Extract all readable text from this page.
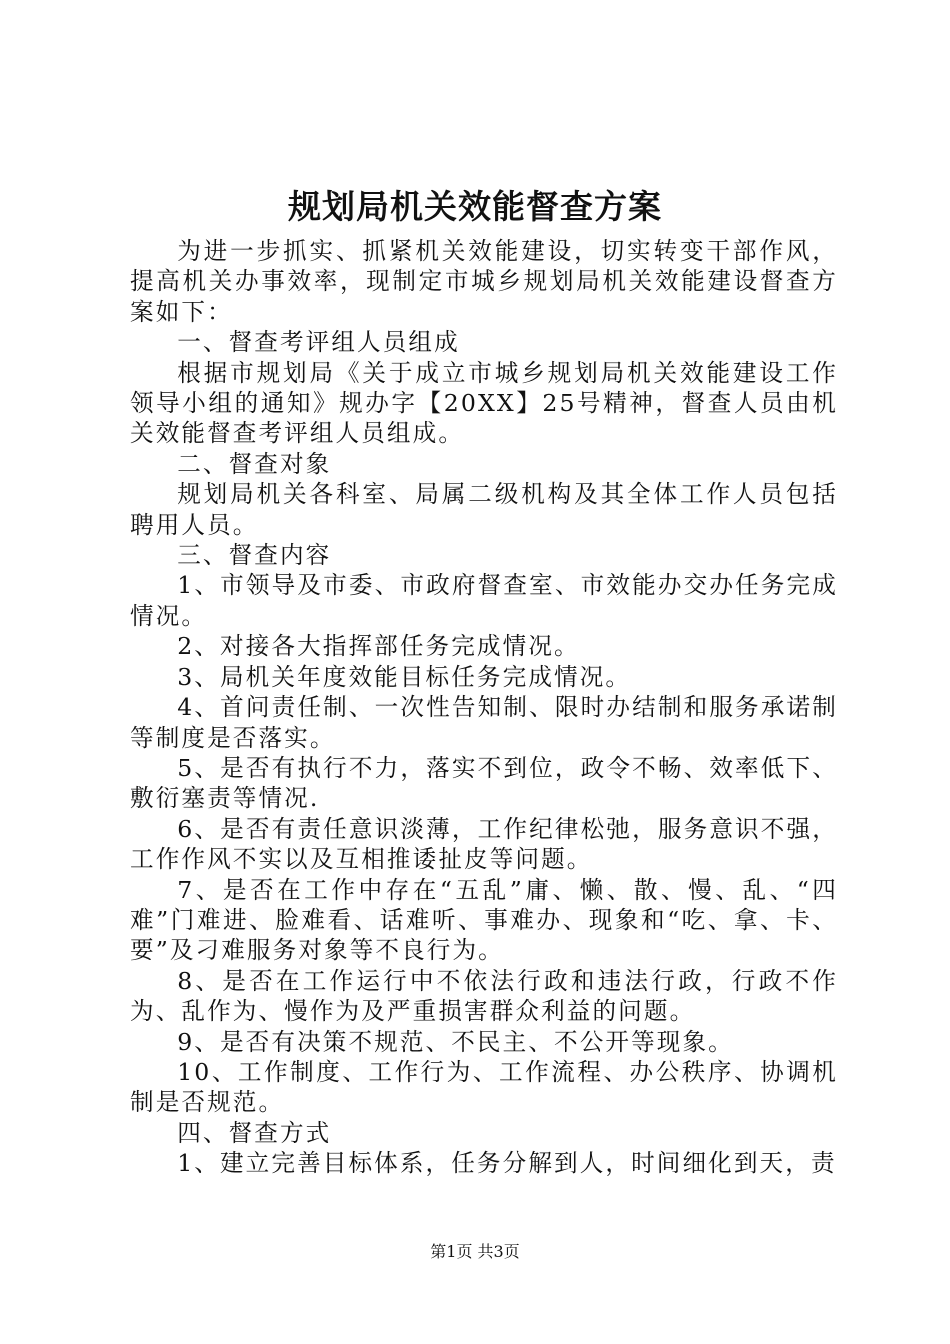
规划局机关效能督查方案

为进一步抓实、抓紧机关效能建设，切实转变干部作风，提高机关办事效率，现制定市城乡规划局机关效能建设督查方案如下：

一、督查考评组人员组成

根据市规划局《关于成立市城乡规划局机关效能建设工作领导小组的通知》规办字【20XX】25号精神，督查人员由机关效能督查考评组人员组成。

二、督查对象

规划局机关各科室、局属二级机构及其全体工作人员包括聘用人员。

三、督查内容

1、市领导及市委、市政府督查室、市效能办交办任务完成情况。

2、对接各大指挥部任务完成情况。

3、局机关年度效能目标任务完成情况。

4、首问责任制、一次性告知制、限时办结制和服务承诺制等制度是否落实。

5、是否有执行不力，落实不到位，政令不畅、效率低下、敷衍塞责等情况.

6、是否有责任意识淡薄，工作纪律松弛，服务意识不强，工作作风不实以及互相推诿扯皮等问题。

7、是否在工作中存在“五乱”庸、懒、散、慢、乱、“四难”门难进、脸难看、话难听、事难办、现象和“吃、拿、卡、要”及刁难服务对象等不良行为。

8、是否在工作运行中不依法行政和违法行政，行政不作为、乱作为、慢作为及严重损害群众利益的问题。

9、是否有决策不规范、不民主、不公开等现象。

10、工作制度、工作行为、工作流程、办公秩序、协调机制是否规范。

四、督查方式

1、建立完善目标体系，任务分解到人，时间细化到天，责

第1页 共3页
